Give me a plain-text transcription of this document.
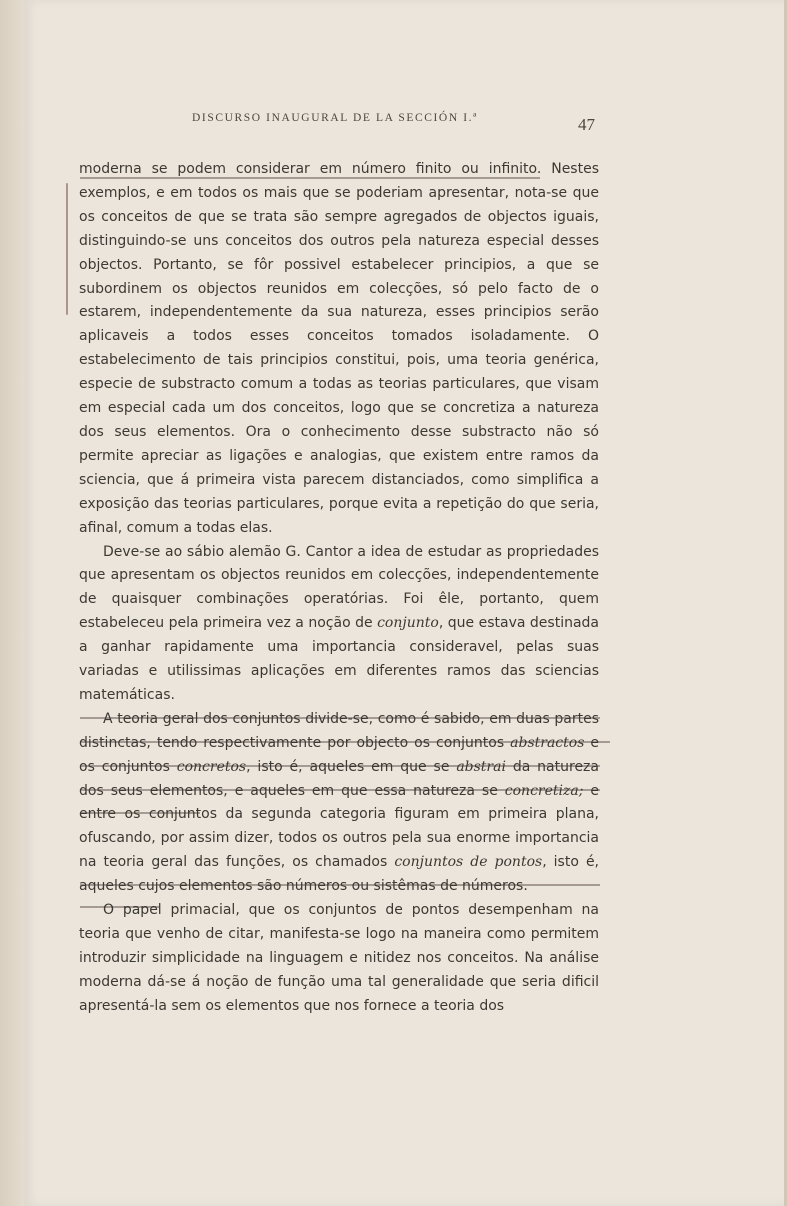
DISCURSO INAUGURAL DE LA SECCIÓN I.ª	47

moderna se podem considerar em número finito ou infinito. Nestes exemplos, e em todos os mais que se poderiam apresentar, nota-se que os conceitos de que se trata são sempre agregados de objectos iguais, distinguindo-se uns conceitos dos outros pela natureza especial desses objectos. Portanto, se fôr possivel estabelecer principios, a que se subordinem os objectos reunidos em colecções, só pelo facto de o estarem, independentemente da sua natureza, esses principios serão aplicaveis a todos esses conceitos tomados isoladamente. O estabelecimento de tais principios constitui, pois, uma teoria genérica, especie de substracto comum a todas as teorias particulares, que visam em especial cada um dos conceitos, logo que se concretiza a natureza dos seus elementos. Ora o conhecimento desse substracto não só permite apreciar as ligações e analogias, que existem entre ramos da sciencia, que á primeira vista parecem distanciados, como simplifica a exposição das teorias particulares, porque evita a repetição do que seria, afinal, comum a todas elas.

Deve-se ao sábio alemão G. Cantor a idea de estudar as propriedades que apresentam os objectos reunidos em colecções, independentemente de quaisquer combinações operatórias. Foi êle, portanto, quem estabeleceu pela primeira vez a noção de conjunto, que estava destinada a ganhar rapidamente uma importancia consideravel, pelas suas variadas e utilissimas aplicações em diferentes ramos das sciencias matemáticas.

A teoria geral dos conjuntos divide-se, como é sabido, em duas partes distinctas, tendo respectivamente por objecto os conjuntos abstractos e os conjuntos concretos, isto é, aqueles em que se abstrai da natureza dos seus elementos, e aqueles em que essa natureza se concretiza; e entre os conjuntos da segunda categoria figuram em primeira plana, ofuscando, por assim dizer, todos os outros pela sua enorme importancia na teoria geral das funções, os chamados conjuntos de pontos, isto é, aqueles cujos elementos são números ou sistêmas de números.

O papel primacial, que os conjuntos de pontos desempenham na teoria que venho de citar, manifesta-se logo na maneira como permitem introduzir simplicidade na linguagem e nitidez nos conceitos. Na análise moderna dá-se á noção de função uma tal generalidade que seria dificil apresentá-la sem os elementos que nos fornece a teoria dos
